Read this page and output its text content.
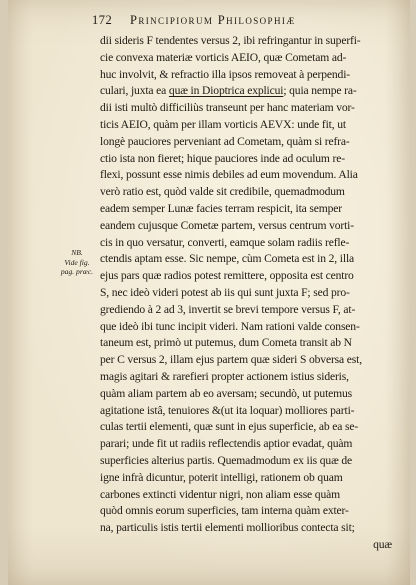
172 Principiorum Philosophiæ
NB.
Vide fig.
pag. præc.
dii sideris F tendentes versus 2, ibi refringantur in superfi-
cie convexa materiæ vorticis AEIO, quæ Cometam ad-
huc involvit, & refractio illa ipsos removeat à perpendi-
culari, juxta ea quæ in Dioptrica explicui; quia nempe ra-
dii isti multò difficiliùs transeunt per hanc materiam vor-
ticis AEIO, quàm per illam vorticis AEVX: unde fit, ut
longè pauciores perveniant ad Cometam, quàm si refra-
ctio ista non fieret; hique pauciores inde ad oculum re-
flexi, possunt esse nimis debiles ad eum movendum. Alia
verò ratio est, quòd valde sit credibile, quemadmodum
eadem semper Lunæ facies terram respicit, ita semper
eandem cujusque Cometæ partem, versus centrum vorti-
cis in quo versatur, converti, eamque solam radiis refle-
ctendis aptam esse. Sic nempe, cùm Cometa est in 2, illa
ejus pars quæ radios potest remittere, opposita est centro
S, nec ideò videri potest ab iis qui sunt juxta F; sed pro-
grediendo à 2 ad 3, invertit se brevi tempore versus F, at-
que ideò ibi tunc incipit videri. Nam rationi valde consen-
taneum est, primò ut putemus, dum Cometa transit ab N
per C versus 2, illam ejus partem quæ sideri S obversa est,
magis agitari & rarefieri propter actionem istius sideris,
quàm aliam partem ab eo aversam; secundò, ut putemus
agitatione istâ, tenuiores &(ut ita loquar) molliores parti-
culas tertii elementi, quæ sunt in ejus superficie, ab ea se-
parari; unde fit ut radiis reflectendis aptior evadat, quàm
superficies alterius partis. Quemadmodum ex iis quæ de
igne infrà dicuntur, poterit intelligi, rationem ob quam
carbones extincti videntur nigri, non aliam esse quàm
quòd omnis eorum superficies, tam interna quàm exter-
na, particulis istis tertii elementi mollioribus contecta sit;
quæ
